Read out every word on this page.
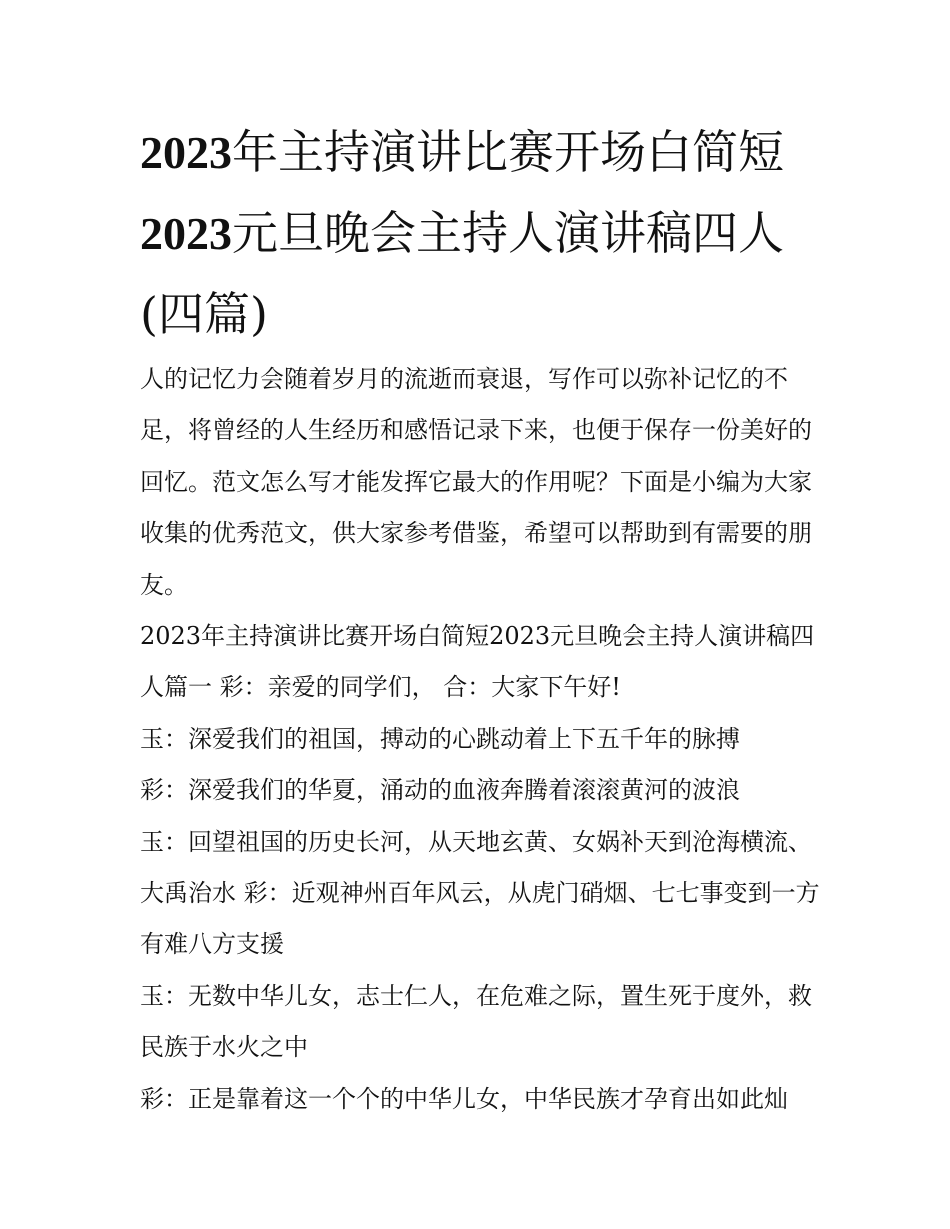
2023年主持演讲比赛开场白简短2023元旦晚会主持人演讲稿四人(四篇)

人的记忆力会随着岁月的流逝而衰退，写作可以弥补记忆的不足，将曾经的人生经历和感悟记录下来，也便于保存一份美好的回忆。范文怎么写才能发挥它最大的作用呢？下面是小编为大家收集的优秀范文，供大家参考借鉴，希望可以帮助到有需要的朋友。

2023年主持演讲比赛开场白简短2023元旦晚会主持人演讲稿四人篇一 彩：亲爱的同学们， 合：大家下午好!

玉：深爱我们的祖国，搏动的心跳动着上下五千年的脉搏

彩：深爱我们的华夏，涌动的血液奔腾着滚滚黄河的波浪

玉：回望祖国的历史长河，从天地玄黄、女娲补天到沧海横流、大禹治水 彩：近观神州百年风云，从虎门硝烟、七七事变到一方有难八方支援

玉：无数中华儿女，志士仁人，在危难之际，置生死于度外，救民族于水火之中

彩：正是靠着这一个个的中华儿女，中华民族才孕育出如此灿
